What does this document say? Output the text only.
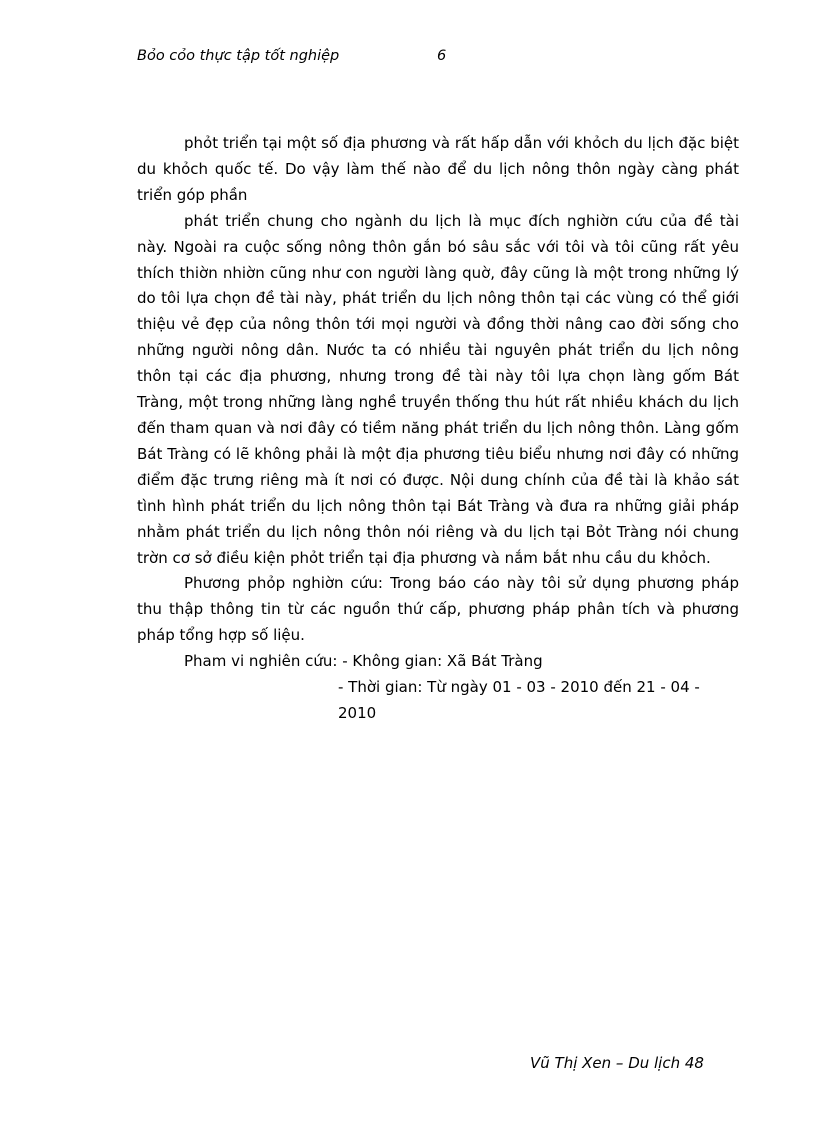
Bỏo cỏo thực tập tốt nghiệp	6

phỏt triển tại một số địa phương và rất hấp dẫn với khỏch du lịch đặc biệt du khỏch quốc tế. Do vậy làm thế nào để du lịch nông thôn ngày càng phát triển góp phần

phát triển chung cho ngành du lịch là mục đích nghiờn cứu của đề tài này. Ngoài ra cuộc sống nông thôn gắn bó sâu sắc với tôi và tôi cũng rất yêu thích thiờn nhiờn cũng như con người làng quờ, đây cũng là một trong những lý do tôi lựa chọn đề tài này, phát triển du lịch nông thôn tại các vùng có thể giới thiệu vẻ đẹp của nông thôn tới mọi người và đồng thời nâng cao đời sống cho những người nông dân. Nước ta có nhiều tài nguyên phát triển du lịch nông thôn tại các địa phương, nhưng trong đề tài này tôi lựa chọn làng gốm Bát Tràng, một trong những làng nghề truyền thống thu hút rất nhiều khách du lịch đến tham quan và nơi đây có tiềm năng phát triển du lịch nông thôn. Làng gốm Bát Tràng có lẽ không phải là một địa phương tiêu biểu nhưng nơi đây có những điểm đặc trưng riêng mà ít nơi có được. Nội dung chính của đề tài là khảo sát tình hình phát triển du lịch nông thôn tại Bát Tràng và đưa ra những giải pháp nhằm phát triển du lịch nông thôn nói riêng và du lịch tại Bỏt Tràng nói chung trờn cơ sở điều kiện phỏt triển tại địa phương và nắm bắt nhu cầu du khỏch.

Phương phỏp nghiờn cứu: Trong báo cáo này tôi sử dụng phương pháp thu thập thông tin từ các nguồn thứ cấp, phương pháp phân tích và phương pháp tổng hợp số liệu.

Pham vi nghiên cứu: - Không gian: Xã Bát Tràng

- Thời gian: Từ ngày 01 - 03 - 2010 đến 21 - 04 - 2010

Vũ Thị Xen – Du lịch 48
